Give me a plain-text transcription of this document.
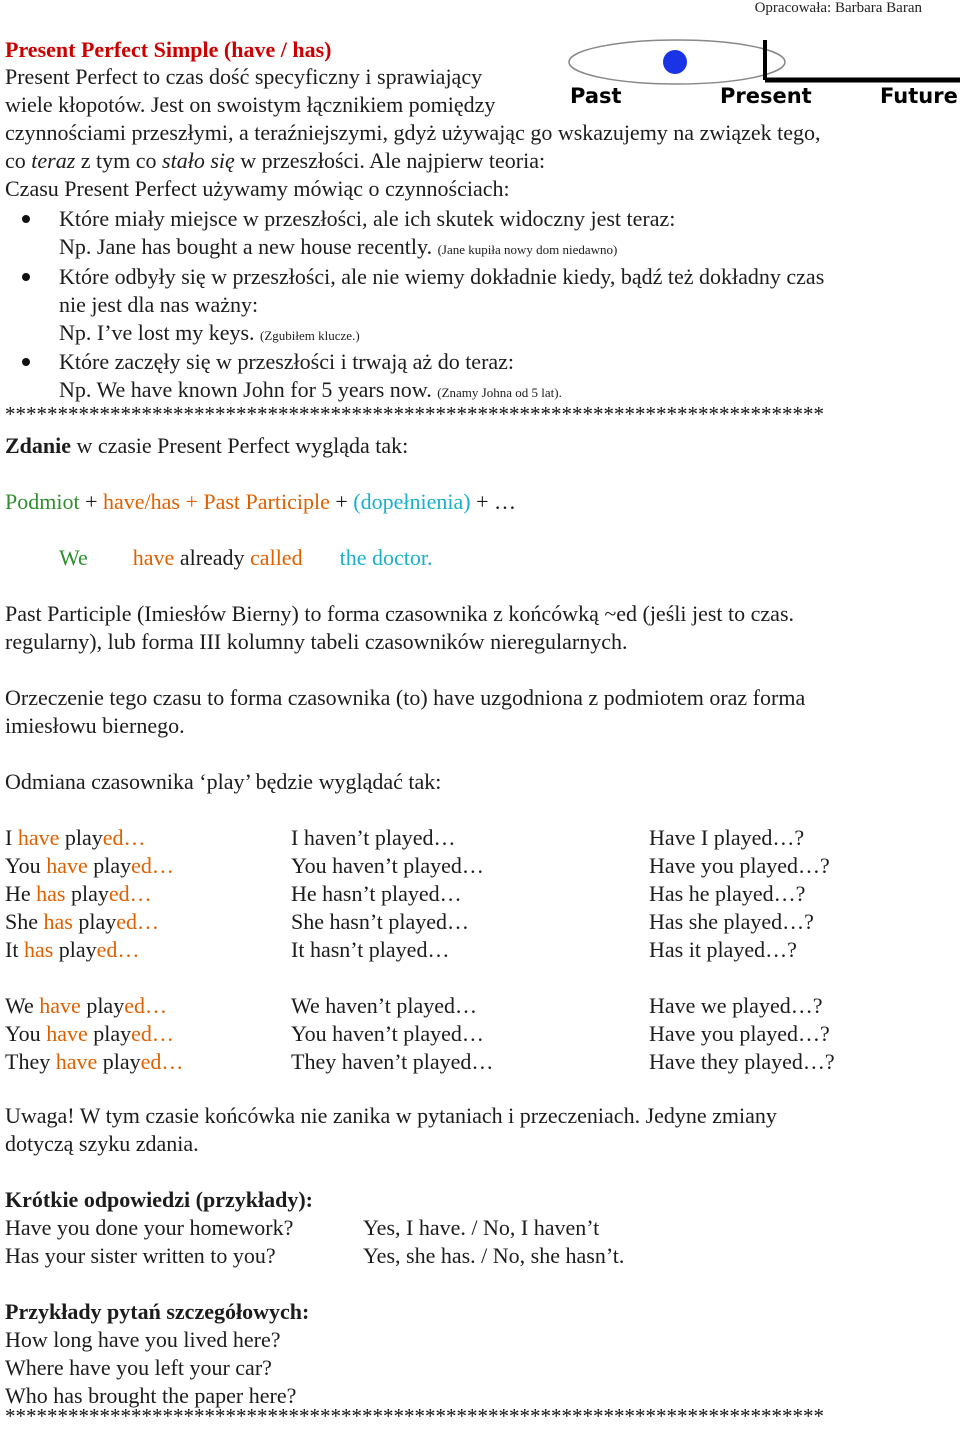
Opracowała: Barbara Baran
Present Perfect Simple (have / has)
Past	Present	Future
Present Perfect to czas dość specyficzny i sprawiający
wiele kłopotów. Jest on swoistym łącznikiem pomiędzy
czynnościami przeszłymi, a teraźniejszymi, gdyż używając go wskazujemy na związek tego,
co teraz z tym co stało się w przeszłości. Ale najpierw teoria:
Czasu Present Perfect używamy mówiąc o czynnościach:
Które miały miejsce w przeszłości, ale ich skutek widoczny jest teraz:
Np. Jane has bought a new house recently. (Jane kupiła nowy dom niedawno)
Które odbyły się w przeszłości, ale nie wiemy dokładnie kiedy, bądź też dokładny czas
nie jest dla nas ważny:
Np. I’ve lost my keys. (Zgubiłem klucze.)
Które zaczęły się w przeszłości i trwają aż do teraz:
Np. We have known John for 5 years now. (Znamy Johna od 5 lat).
******************************************************************************
Zdanie w czasie Present Perfect wygląda tak:
Podmiot + have/has + Past Participle + (dopełnienia) + …
We have already called the doctor.
Past Participle (Imiesłów Bierny) to forma czasownika z końcówką ~ed (jeśli jest to czas.
regularny), lub forma III kolumny tabeli czasowników nieregularnych.
Orzeczenie tego czasu to forma czasownika (to) have uzgodniona z podmiotem oraz forma
imiesłowu biernego.
Odmiana czasownika ‘play’ będzie wyglądać tak:
I have played…	I haven’t played…	Have I played…?
You have played…	You haven’t played…	Have you played…?
He has played…	He hasn’t played…	Has he played…?
She has played…	She hasn’t played…	Has she played…?
It has played…	It hasn’t played…	Has it played…?
We have played…	We haven’t played…	Have we played…?
You have played…	You haven’t played…	Have you played…?
They have played…	They haven’t played…	Have they played…?
Uwaga! W tym czasie końcówka nie zanika w pytaniach i przeczeniach. Jedyne zmiany
dotyczą szyku zdania.
Krótkie odpowiedzi (przykłady):
Have you done your homework?	Yes, I have. / No, I haven’t
Has your sister written to you?	Yes, she has. / No, she hasn’t.
Przykłady pytań szczegółowych:
How long have you lived here?
Where have you left your car?
Who has brought the paper here?
******************************************************************************
